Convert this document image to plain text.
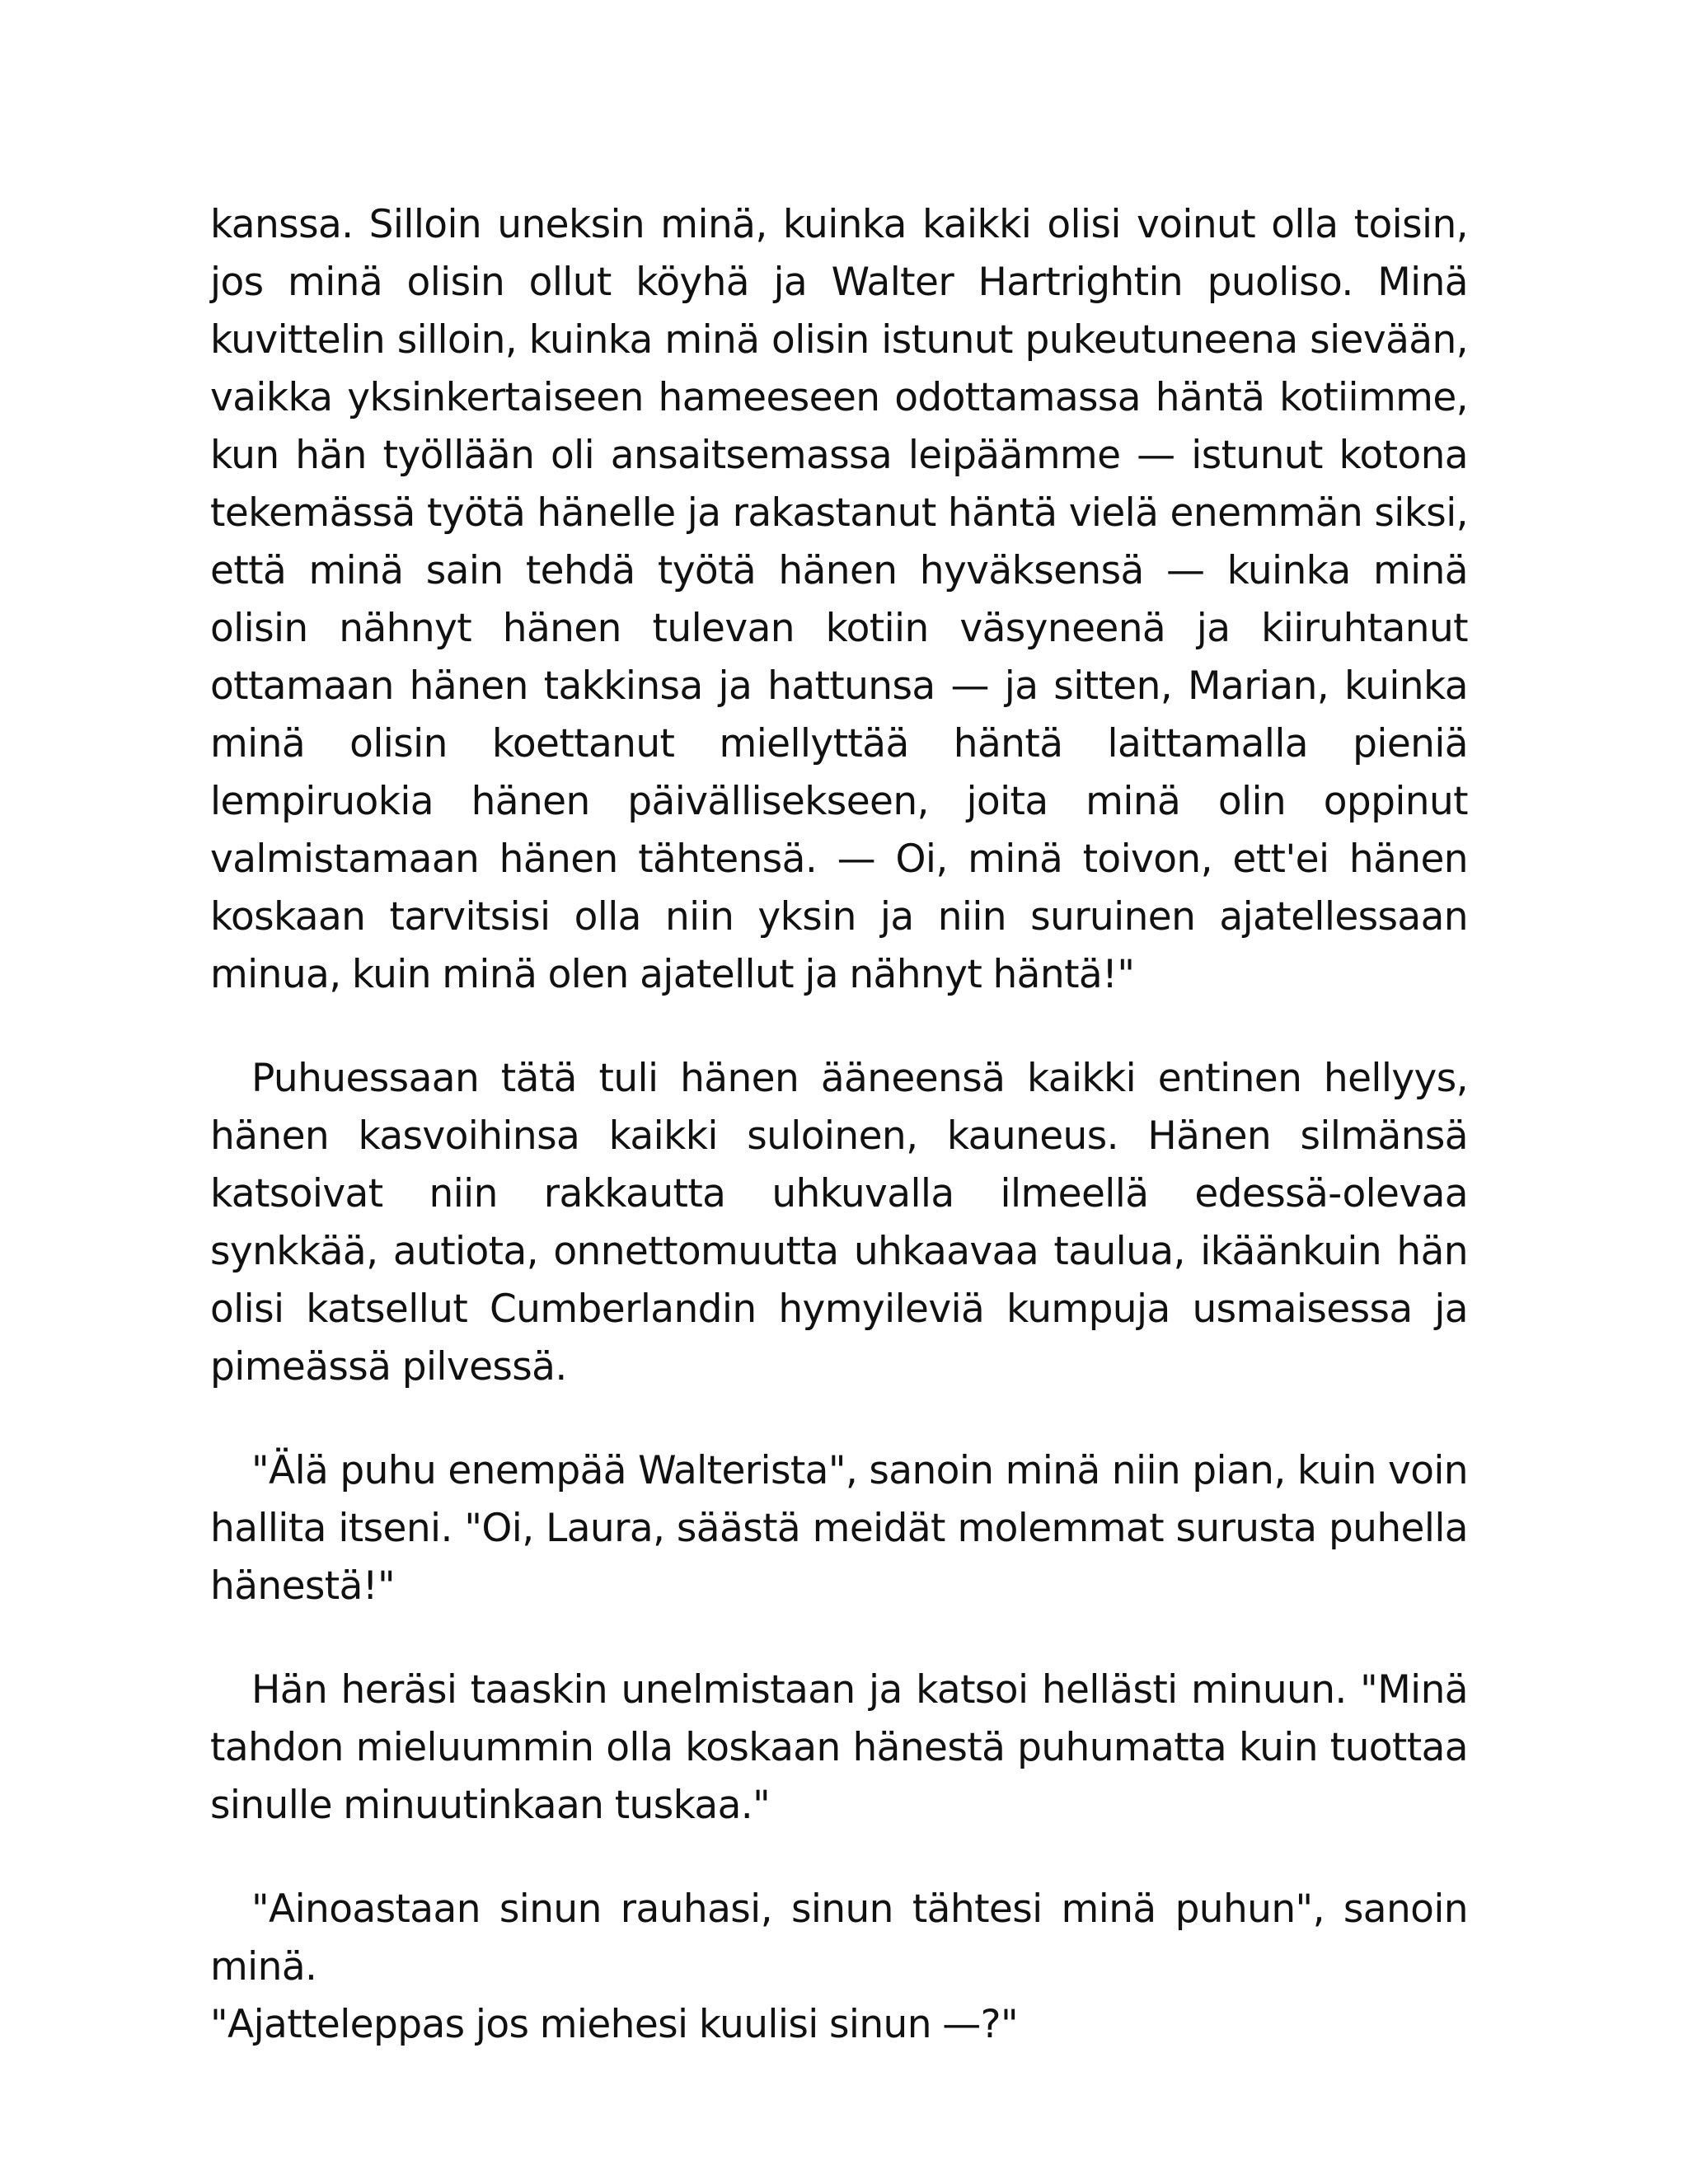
kanssa. Silloin uneksin minä, kuinka kaikki olisi voinut olla toisin, jos minä olisin ollut köyhä ja Walter Hartrightin puoliso. Minä kuvittelin silloin, kuinka minä olisin istunut pukeutuneena sievään, vaikka yksinkertaiseen hameeseen odottamassa häntä kotiimme, kun hän työllään oli ansaitsemassa leipäämme — istunut kotona tekemässä työtä hänelle ja rakastanut häntä vielä enemmän siksi, että minä sain tehdä työtä hänen hyväksensä — kuinka minä olisin nähnyt hänen tulevan kotiin väsyneenä ja kiiruhtanut ottamaan hänen takkinsa ja hattunsa — ja sitten, Marian, kuinka minä olisin koettanut miellyttää häntä laittamalla pieniä lempiruokia hänen päivällisekseen, joita minä olin oppinut valmistamaan hänen tähtensä. — Oi, minä toivon, ett'ei hänen koskaan tarvitsisi olla niin yksin ja niin suruinen ajatellessaan minua, kuin minä olen ajatellut ja nähnyt häntä!"

Puhuessaan tätä tuli hänen ääneensä kaikki entinen hellyys, hänen kasvoihinsa kaikki suloinen, kauneus. Hänen silmänsä katsoivat niin rakkautta uhkuvalla ilmeellä edessä-olevaa synkkää, autiota, onnettomuutta uhkaavaa taulua, ikäänkuin hän olisi katsellut Cumberlandin hymyileviä kumpuja usmaisessa ja pimeässä pilvessä.

"Älä puhu enempää Walterista", sanoin minä niin pian, kuin voin hallita itseni. "Oi, Laura, säästä meidät molemmat surusta puhella hänestä!"

Hän heräsi taaskin unelmistaan ja katsoi hellästi minuun. "Minä tahdon mieluummin olla koskaan hänestä puhumatta kuin tuottaa sinulle minuutinkaan tuskaa."

"Ainoastaan sinun rauhasi, sinun tähtesi minä puhun", sanoin minä.

"Ajatteleppas jos miehesi kuulisi sinun —?"
